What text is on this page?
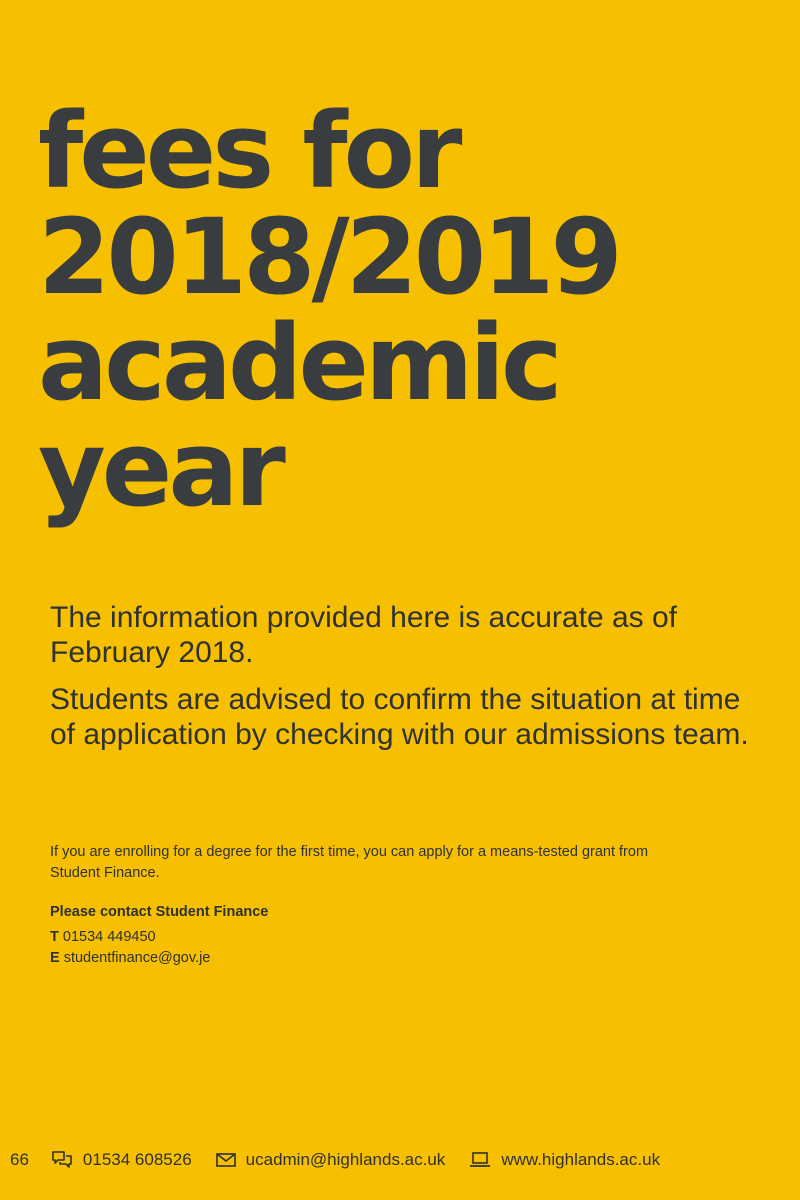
fees for
2018/2019
academic
year

The information provided here is accurate as of February 2018.

Students are advised to confirm the situation at time of application by checking with our admissions team.

If you are enrolling for a degree for the first time, you can apply for a means-tested grant from Student Finance.

Please contact Student Finance

T 01534 449450

E studentfinance@gov.je

66	01534 608526	ucadmin@highlands.ac.uk	www.highlands.ac.uk
